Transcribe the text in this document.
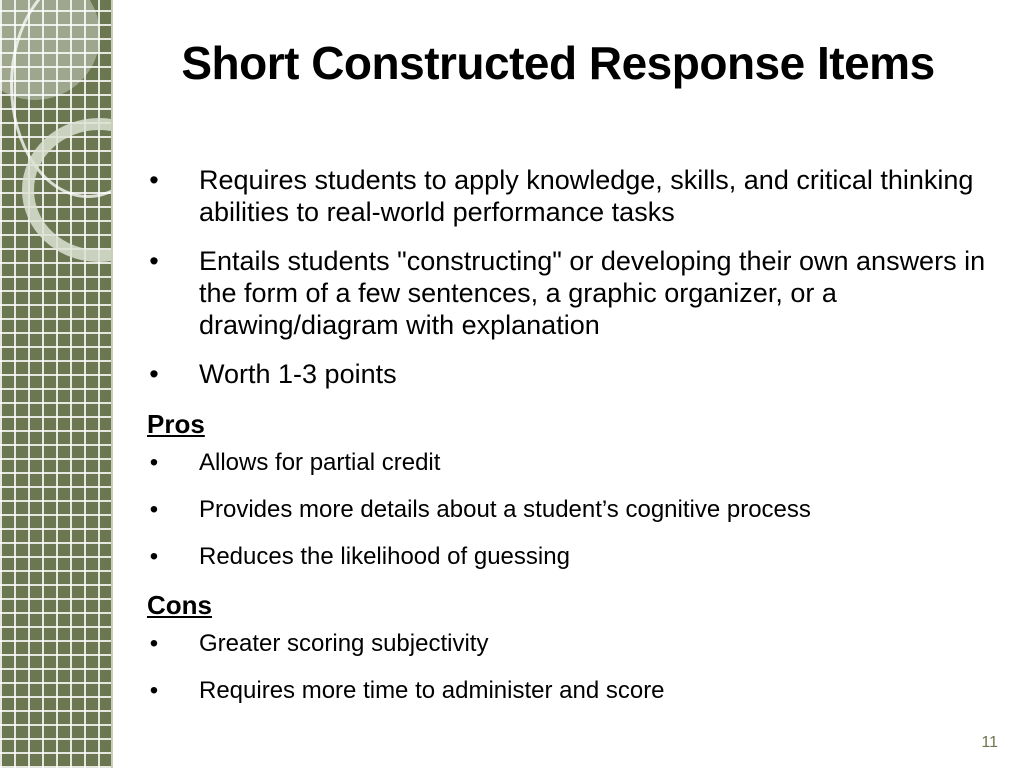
Short Constructed Response Items
• Requires students to apply knowledge, skills, and critical thinking abilities to real-world performance tasks
• Entails students "constructing" or developing their own answers in the form of a few sentences, a graphic organizer, or a drawing/diagram with explanation
• Worth 1-3 points
Pros
• Allows for partial credit
• Provides more details about a student’s cognitive process
• Reduces the likelihood of guessing
Cons
• Greater scoring subjectivity
• Requires more time to administer and score
11
